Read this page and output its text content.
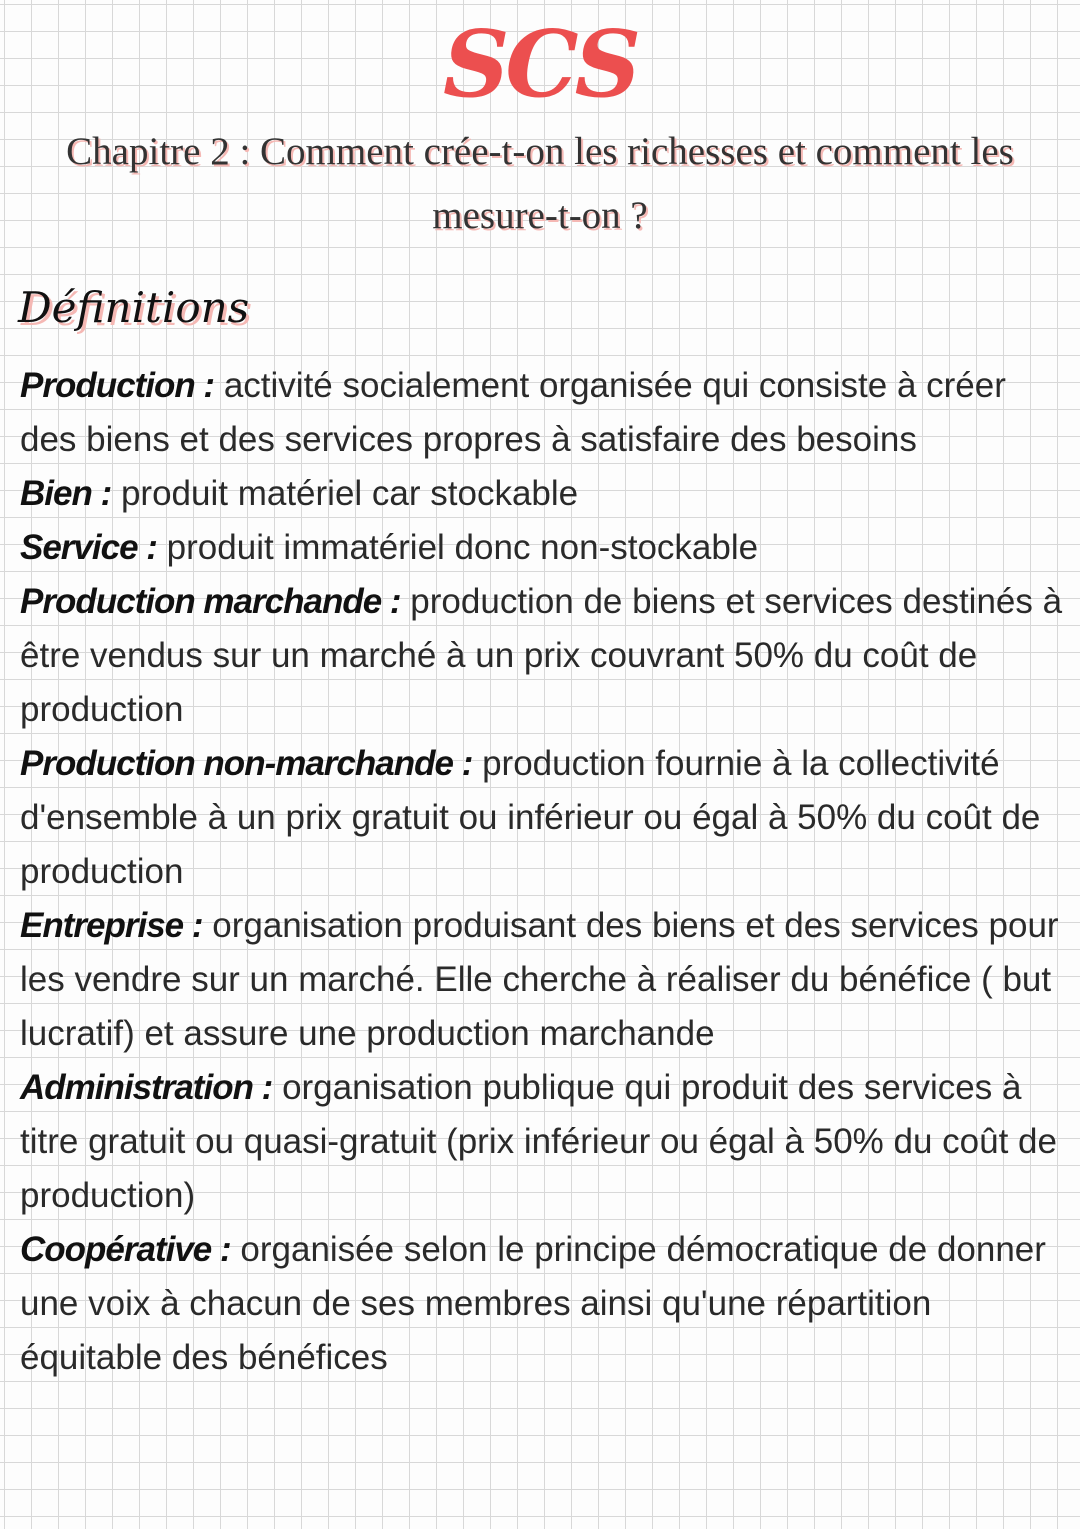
SCS
Chapitre 2 : Comment crée-t-on les richesses et comment les mesure-t-on ?
Définitions

Production : activité socialement organisée qui consiste à créer des biens et des services propres à satisfaire des besoins

Bien : produit matériel car stockable

Service : produit immatériel donc non-stockable

Production marchande : production de biens et services destinés à être vendus sur un marché à un prix couvrant 50% du coût de production

Production non-marchande : production fournie à la collectivité d'ensemble à un prix gratuit ou inférieur ou égal à 50% du coût de production

Entreprise : organisation produisant des biens et des services pour les vendre sur un marché. Elle cherche à réaliser du bénéfice ( but lucratif) et assure une production marchande

Administration : organisation publique qui produit des services à titre gratuit ou quasi-gratuit (prix inférieur ou égal à 50% du coût de production)

Coopérative : organisée selon le principe démocratique de donner une voix à chacun de ses membres ainsi qu'une répartition équitable des bénéfices
